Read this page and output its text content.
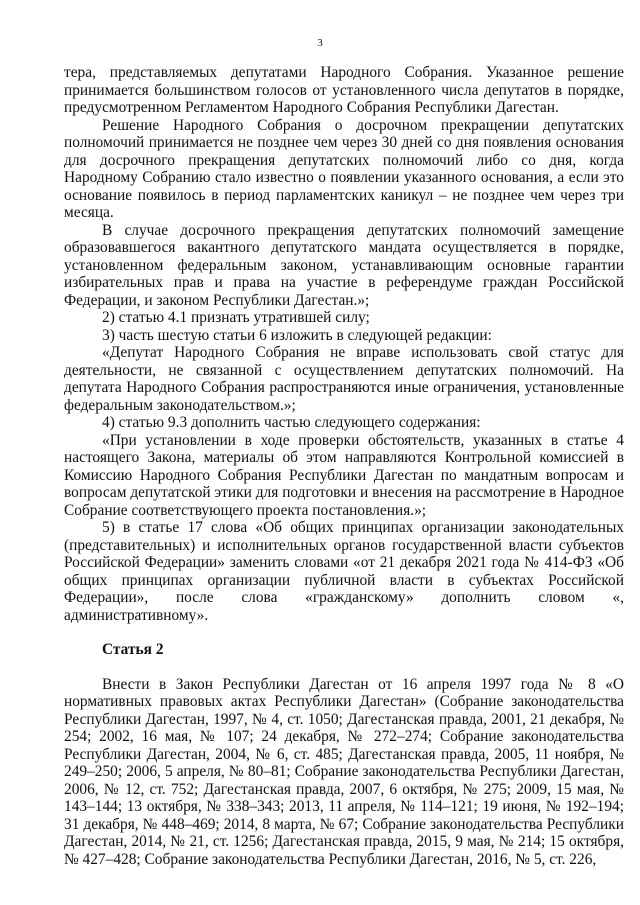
3

тера, представляемых депутатами Народного Собрания. Указанное решение принимается большинством голосов от установленного числа депутатов в порядке, предусмотренном Регламентом Народного Собрания Республики Дагестан.

Решение Народного Собрания о досрочном прекращении депутатских полномочий принимается не позднее чем через 30 дней со дня появления основания для досрочного прекращения депутатских полномочий либо со дня, когда Народному Собранию стало известно о появлении указанного основания, а если это основание появилось в период парламентских каникул – не позднее чем через три месяца.

В случае досрочного прекращения депутатских полномочий замещение образовавшегося вакантного депутатского мандата осуществляется в порядке, установленном федеральным законом, устанавливающим основные гарантии избирательных прав и права на участие в референдуме граждан Российской Федерации, и законом Республики Дагестан.»;

2) статью 4.1 признать утратившей силу;

3) часть шестую статьи 6 изложить в следующей редакции:

«Депутат Народного Собрания не вправе использовать свой статус для деятельности, не связанной с осуществлением депутатских полномочий. На депутата Народного Собрания распространяются иные ограничения, установленные федеральным законодательством.»;

4) статью 9.3 дополнить частью следующего содержания:

«При установлении в ходе проверки обстоятельств, указанных в статье 4 настоящего Закона, материалы об этом направляются Контрольной комиссией в Комиссию Народного Собрания Республики Дагестан по мандатным вопросам и вопросам депутатской этики для подготовки и внесения на рассмотрение в Народное Собрание соответствующего проекта постановления.»;

5) в статье 17 слова «Об общих принципах организации законодательных (представительных) и исполнительных органов государственной власти субъектов Российской Федерации» заменить словами «от 21 декабря 2021 года № 414-ФЗ «Об общих принципах организации публичной власти в субъектах Российской Федерации», после слова «гражданскому» дополнить словом «, административному».

Статья 2

Внести в Закон Республики Дагестан от 16 апреля 1997 года № 8 «О нормативных правовых актах Республики Дагестан» (Собрание законодательства Республики Дагестан, 1997, № 4, ст. 1050; Дагестанская правда, 2001, 21 декабря, № 254; 2002, 16 мая, № 107; 24 декабря, № 272–274; Собрание законодательства Республики Дагестан, 2004, № 6, ст. 485; Дагестанская правда, 2005, 11 ноября, № 249–250; 2006, 5 апреля, № 80–81; Собрание законодательства Республики Дагестан, 2006, № 12, ст. 752; Дагестанская правда, 2007, 6 октября, № 275; 2009, 15 мая, № 143–144; 13 октября, № 338–343; 2013, 11 апреля, № 114–121; 19 июня, № 192–194; 31 декабря, № 448–469; 2014, 8 марта, № 67; Собрание законодательства Республики Дагестан, 2014, № 21, ст. 1256; Дагестанская правда, 2015, 9 мая, № 214; 15 октября, № 427–428; Собрание законодательства Республики Дагестан, 2016, № 5, ст. 226,
